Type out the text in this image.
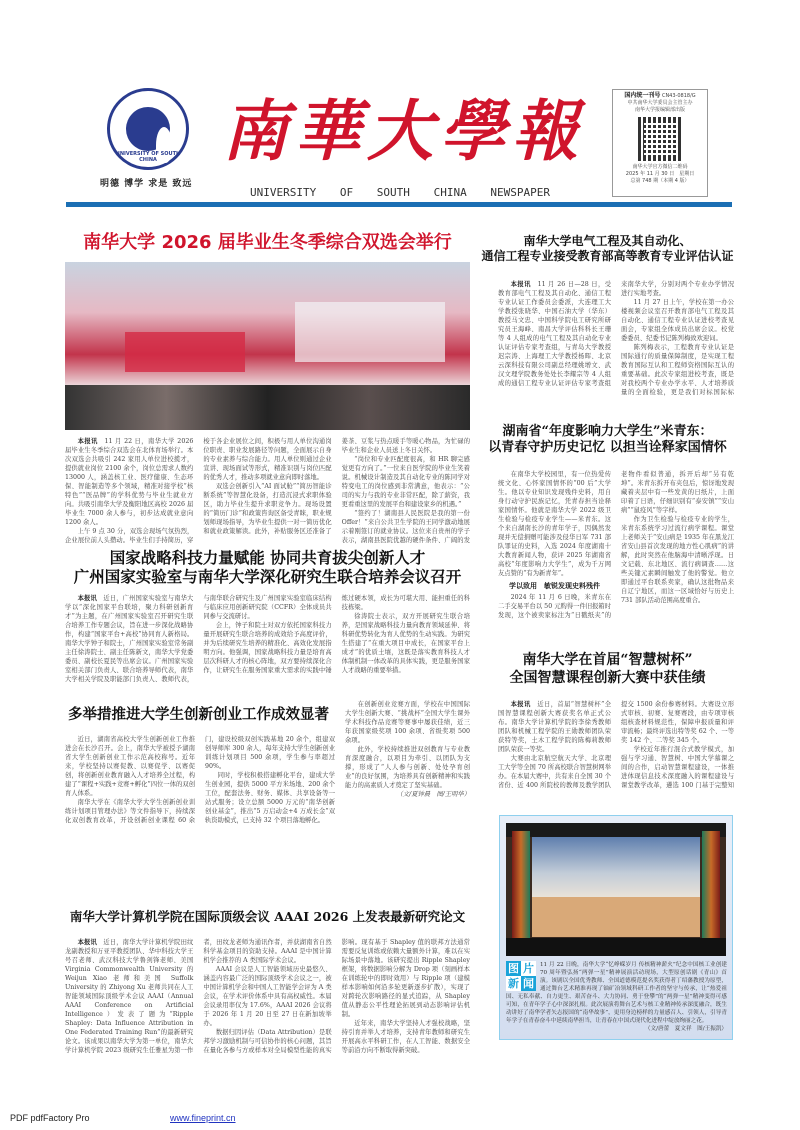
UNIVERSITY OF SOUTH CHINA
明德 博学 求是 致远
南 華 大 學 報
UNIVERSITY OF SOUTH CHINA NEWSPAPER
国内统一刊号 CN43-0818/G
中共南华大学委员会主管主办
南华大学报编辑部出版
南华大学官方微信二维码
2025 年 11 月 30 日　星期日
总第 748 期（本期 4 版）
南华大学 2026 届毕业生冬季综合双选会举行

本报讯　 11 月 22 日，南华大学 2026 届毕业生冬季综合双选会在北体育场举行。本次双选会共吸引 242 家用人单位进校揽才，提供就业岗位 2100 余个，岗位总需求人数约 13000 人，涵盖核工业、医疗健康、生态环保、智能制造等多个领域，精准对接学校“核特色”“医品牌”的学科优势与毕业生就业方向。共吸引南华大学及衡阳地区高校 2026 届毕业生 7000 余人参与，初步达成就业意向 1200 余人。

上午 9 点 30 分，双选会现场气氛热烈，企业展位前人头攒动。毕业生们手持简历，穿梭于各企业展位之间，积极与用人单位沟通岗位职责、职业发展路径等问题，全面展示自身的专业素养与综合能力。用人单位则通过企业宣讲、现场面试等形式，精准识别与岗位匹配的优秀人才，推动多项就业意向即时落地。

双选会创新引入“AI 面试舱”“简历智能诊断系统”等智慧化设备，打造沉浸式求职体验区，助力毕业生提升求职竞争力。现场设置的“简历门诊”和政策咨询区备受青睐，职业规划师现场指导，为毕业生提供一对一简历优化和就业政策解读。此外，补贴服务区还准备了姜茶、豆浆与热点暖手等暖心物品，为忙碌的毕业生和企业人员送上冬日关怀。

“岗位和专业匹配度很高，和 HR 聊完感觉更有方向了。”一位来自医学院的毕业生笑着说。机械设计制造及其自动化专业的陈同学对特变电工的岗位感到非常满意，他表示：“公司的实力与我的专业非常匹配，除了薪资，我更看重这里的发展平台和建设家乡的机遇。”

“签约了！湖南县人民医院是我的第一份 Offer！”来自公共卫生学院的王同学激动地展示着刚签订的就业协议。这位来自贵州的学子表示，湖南县医院优越的硬件条件、广阔的发

国家战略科技力量赋能 协同共育拔尖创新人才
广州国家实验室与南华大学深化研究生联合培养会议召开

本报讯　 近日，广州国家实验室与南华大学以“深化国家平台联培，聚力科研创新育才”为主题，在广州国家实验室召开研究生联合培养工作专题会议，旨在进一步深化战略协作，构建“国家平台+高校”协同育人新格局。南华大学钟子和院士，广州国家实验室常务副主任徐涛院士、副主任陈新文，南华大学党委委员、副校长夏民等出席会议。广州国家实验室相关部门负责人、联合培养导师代表，南华大学相关学院及职能部门负责人、教师代表，与南华联合研究生及广州国家实验室临床结构与临床应用创新研究院（CCFR）全体成员共同参与交流研讨。

会上，钟子和院士对双方依托国家科技力量开展研究生联合培养的成效给予高度评价，并为后续研究生培养的精准化、高效化发展指明方向。他强调，国家战略科技力量是培育高层次科研人才的核心阵地，双方要持续深化合作，让研究生在服务国家重大需求的实践中锤炼过硬本领，成长为可堪大用、能担重任的科技栋梁。

徐涛院士表示，双方开展研究生联合培养，是国家战略科技力量向教育领域延伸、将科研优势转化为育人优势的生动实践。为研究生搭建了“在重大项目中成长，在国家平台上成才”的优质土壤，这既是落实教育科技人才体制机制一体改革的具体实践，更是服务国家人才战略的重要举措。

多举措推进大学生创新创业工作成效显著

近日，湖南省高校大学生创新创业工作推进会在长沙召开。会上，南华大学被授予湖南省大学生创新创业工作示范高校称号。近年来，学校坚持以赛促教、以赛促学、以赛促创，将创新创业教育融入人才培养全过程，构建了“课程+实践+竞赛+孵化”四位一体的双创育人体系。

南华大学在《南华大学大学生创新创业训练计划项目管理办法》等文件指导下，持续深化双创教育改革，开设创新创业课程 60 余门，建设校级双创实践基地 20 余个，组建双创导师库 300 余人，每年支持大学生创新创业训练计划项目 500 余项，学生参与率超过 90%。

同时，学校积极搭建孵化平台，建成大学生创业园，提供 5000 平方米场地、200 余个工位，配套法务、财务、媒体、共享设备等一站式服务；设立总额 5000 万元的“南华创新创业基金”，推出“5 万启动金+4 万成长金”双轨资助模式，已支持 32 个项目落地孵化。

在创新创业竞赛方面，学校在中国国际大学生创新大赛、“挑战杯”全国大学生课外学术科技作品竞赛等赛事中屡获佳绩，近三年获国家级奖项 100 余项、省级奖项 500 余项。

此外，学校持续推进双创教育与专业教育深度融合，以项目为牵引、以团队为支撑，形成了“人人参与创新、处处孕育创业”的良好氛围，为培养具有创新精神和实践能力的高素质人才奠定了坚实基础。

（文/夏钟晨　图/王明华）

南华大学计算机学院在国际顶级会议 AAAI 2026 上发表最新研究论文

本报讯　 近日，南华大学计算机学院田纹龙副教授和万亚平教授团队、华中科技大学王号召老师、武汉科技大学鲁剑锋老师、美国 Virginia Commonwealth University 的 Weijun Xiao 老师和美国 Suffolk University 的 Zhiyong Xu 老师共同在人工智能领域国际顶级学术会议 AAAI（Annual AAAI Conference on Artificial Intelligence）发表了题为“Ripple Shapley: Data Influence Attribution in One Federated Training Run”的最新研究论文。该成果以南华大学为第一单位，南华大学计算机学院 2023 级研究生任雅星为第一作者，田纹龙老师为通讯作者，并获湖南省自然科学基金项目的资助支持。AAAI 是中国计算机学会推荐的 A 类国际学术会议。

AAAI 会议是人工智能领域历史最悠久、涵盖内容最广泛的国际顶级学术会议之一，被中国计算机学会和中国人工智能学会评为 A 类会议，在学术评价体系中具有高权威性。本届会议录用率仅为 17.6%，AAAI 2026 会议将于 2026 年 1 月 20 日至 27 日在新加坡举办。

数据归因评估（Data Attribution）是联邦学习激励机制与可信协作的核心问题，其旨在量化各参与方或样本对全局模型性能的真实影响。现有基于 Shapley 值的联邦方法通常需要反复训练或依赖大量额外计算，难以在实际场景中落地。该研究提出 Ripple Shapley 框架，将数据影响分解为 Drop 项（刻画样本在训练轮中的即时效用）与 Ripple 项（建模样本影响如何沿多轮更新逐步扩散），实现了对跨轮次影响路径的显式追踪，从 Shapley 值从静态公平性理论拓展到动态影响评估机制。

近年来，南华大学坚持人才强校战略，坚持引育并举人才培养，支持青年教师和研究生开展高水平科研工作，在人工智能、数据安全等前沿方向不断取得新突破。

南华大学电气工程及其自动化、
通信工程专业接受教育部高等教育专业评估认证

本报讯　 11 月 26 日—28 日，受教育部电气工程及其自动化、通信工程专业认证工作委员会委派，大连理工大学教授张晓华、中国石油大学（华东）教授马文忠、中国科学院电工研究所研究员王海峰、南昌大学评估科科长王珊等 4 人组成的电气工程及其自动化专业认证评估专家考查组，与青岛大学教授迟宗涛、上海理工大学教授杨晖、北京云深科技有限公司副总经理姚增文、武汉文理学院教务处处长李耀宗等 4 人组成的通信工程专业认证评估专家考查组来南华大学，分别对两个专业办学情况进行实地考查。

11 月 27 日上午，学校在第一办公楼视频会议室召开教育部电气工程及其自动化、通信工程专业认证进校考查见面会，专家组全体成员出席会议。校党委委员、纪委书记陈列梅致欢迎词。

陈列梅表示，工程教育专业认证是国际通行的质量保障制度，是实现工程教育国际互认和工程师资格国际互认的重要基础。此次专家组进校考查，既是对我校两个专业办学水平、人才培养质量的全面检验，更是我们对标国际标

湖南省“年度影响力大学生”米青东：
以青春守护历史记忆 以担当诠释家国情怀

在南华大学校园里，有一位热爱传统文化、心怀家国情怀的“00 后”大学生。他以专业知识发现残件史料，用自身行动守护民族记忆，凭青春担当诠释家国情怀。他就是南华大学 2022 级卫生检验与检疫专业学生——米青东。这个来自湖南长沙的青年学子，因偶然发现并无偿捐赠可能涉及侵华日军 731 部队罪证的史料，入选 2024 年度湖南十大教育新闻人物，获评 2025 年湖南省高校“年度影响力大学生”，成为千万网友点赞的“有为新青年”。

学以致用　敏锐发现史料残件

2024 年 11 月 6 日晚，米青东在二手交易平台以 50 元购得一件旧报箱时发现，这个被卖家标注为“日戳纸夹”的老物件看似普通，拆开后却“另有乾坤”。米青东拆开布夹包后，惊讶地发现藏着夹层中有一些发黄的日纸片，上面印着了日语，仔细识别有“泰安镇”“安山病”“鼠疫风”等字样。

作为卫生检验与检疫专业的学生，米青东系统学习过流行病学课程。课堂上老师关于“安山病是 1935 年在黑龙江省安山县首次发现的地方性心肌病”的讲解，此时突然在他脑海中清晰浮现。日文记载、东北地区、流行病调查……这些关键元素瞬间触发了他的警觉。他立即通过平台联系卖家，确认这批物品来自辽宁地区，而这一区域恰好与历史上 731 部队活动范围高度重合。

南华大学在首届“智慧树杯”
全国智慧课程创新大赛中获佳绩

本报讯　 近日，首届“智慧树杯”全国智慧课程创新大赛获奖名单正式公布。南华大学计算机学院的李徐秀教师团队和机械工程学院的王勋教师团队荣获特等奖，土木工程学院的陈梅莉教师团队荣获一等奖。

大赛由北京航空航天大学、北京理工大学等全国 70 所高校联合智慧树网举办。在本届大赛中，共有来自全国 30 个省份、近 400 所院校的教师及教学团队提交 1500 余份参赛材料。大赛设立形式审核、初赛、复赛赛段，由专项审核组核查材料规范性，保障申报质量和评审流畅；最终评选出特等奖 62 个、一等奖 142 个、二等奖 345 个。

学校近年推行混合式教学模式，加强与学习通、智慧树、中国大学慕课之间的合作，启动智慧课程建设，一体推进体现信息技术深度融入的课程建设与课堂教学改革，遴选 100 门基于完整知

图 片
新 闻
11 月 22 日晚，南华大学“忆峥嵘岁月 传核精神薪火”纪念中国核工业创建 70 周年暨弘扬“两弹一星”精神展演活动现场，大型原创话剧《青山》首演。该剧以全国优秀教师、全国道德模范提名奖获得者丁绍藩教授为原型，通过舞台艺术精准再现了铀矿冶领域科研工作者的坚守与传承，让“热爱祖国、无私奉献、自力更生、艰苦奋斗、大力协同、勇于登攀”的“两弹一星”精神变得可感可知，在青年学子心中深深扎根。此次展演将舞台艺术与核工业精神传承深度融合，既生动讲好了南华学者矢志报国的“南华故事”，更用身边榜样的力量感召人、引领人，引导青年学子在青春奋斗中延续南华担当，让青春在中国式现代化进程中绽放绚丽之花。
（文/唐蕾　夏文祥　图/王振凯）
PDF pdfFactory Pro	www.fineprint.cn
